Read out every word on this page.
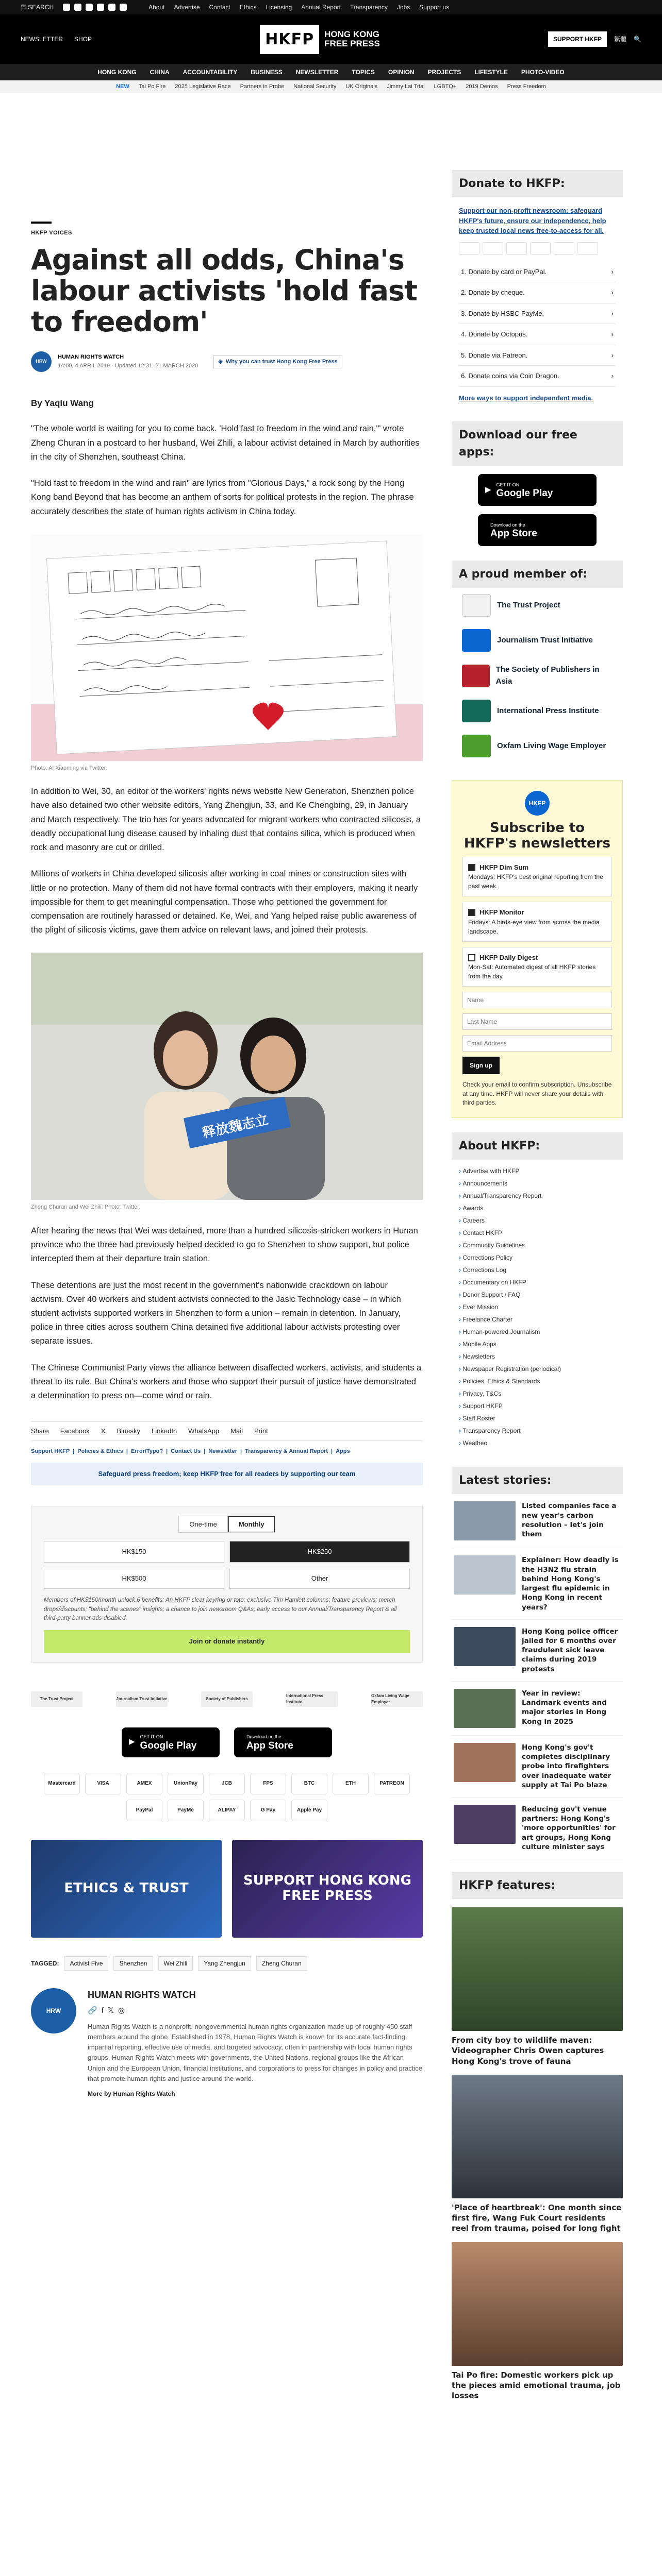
☰ SEARCH	About Advertise Contact Ethics Licensing Annual Report Transparency Jobs Support us
NEWSLETTER SHOP	HKFP	HONG KONG
FREE PRESS	SUPPORT HKFP	繁體 🔍
HONG KONG CHINA ACCOUNTABILITY BUSINESS NEWSLETTER TOPICS OPINION PROJECTS LIFESTYLE PHOTO-VIDEO
NEW Tai Po Fire 2025 Legislative Race Partners in Probe National Security UK Originals Jimmy Lai Trial LGBTQ+ 2019 Demos Press Freedom
HKFP VOICES
Against all odds, China's labour activists 'hold fast to freedom'
HRW
HUMAN RIGHTS WATCH
14:00, 4 APRIL 2019 · Updated 12:31, 21 MARCH 2020
◈ Why you can trust Hong Kong Free Press
By Yaqiu Wang

"The whole world is waiting for you to come back. 'Hold fast to freedom in the wind and rain,'" wrote Zheng Churan in a postcard to her husband, Wei Zhili, a labour activist detained in March by authorities in the city of Shenzhen, southeast China.

"Hold fast to freedom in the wind and rain" are lyrics from "Glorious Days," a rock song by the Hong Kong band Beyond that has become an anthem of sorts for political protests in the region. The phrase accurately describes the state of human rights activism in China today.

Photo: Al Xiaoming via Twitter.

In addition to Wei, 30, an editor of the workers' rights news website New Generation, Shenzhen police have also detained two other website editors, Yang Zhengjun, 33, and Ke Chengbing, 29, in January and March respectively. The trio has for years advocated for migrant workers who contracted silicosis, a deadly occupational lung disease caused by inhaling dust that contains silica, which is produced when rock and masonry are cut or drilled.

Millions of workers in China developed silicosis after working in coal mines or construction sites with little or no protection. Many of them did not have formal contracts with their employers, making it nearly impossible for them to get meaningful compensation. Those who petitioned the government for compensation are routinely harassed or detained. Ke, Wei, and Yang helped raise public awareness of the plight of silicosis victims, gave them advice on relevant laws, and joined their protests.

释放魏志立
Zheng Churan and Wei Zhili. Photo: Twitter.

After hearing the news that Wei was detained, more than a hundred silicosis-stricken workers in Hunan province who the three had previously helped decided to go to Shenzhen to show support, but police intercepted them at their departure train station.

These detentions are just the most recent in the government's nationwide crackdown on labour activism. Over 40 workers and student activists connected to the Jasic Technology case – in which student activists supported workers in Shenzhen to form a union – remain in detention. In January, police in three cities across southern China detained five additional labour activists protesting over separate issues.

The Chinese Communist Party views the alliance between disaffected workers, activists, and students a threat to its rule. But China's workers and those who support their pursuit of justice have demonstrated a determination to press on—come wind or rain.

Share Facebook X Bluesky LinkedIn WhatsApp Mail Print
Support HKFP | Policies & Ethics | Error/Typo? | Contact Us | Newsletter | Transparency & Annual Report | Apps
Safeguard press freedom; keep HKFP free for all readers by supporting our team
One-time	Monthly
HK$150	HK$250
HK$500	Other
Members of HK$150/month unlock 6 benefits: An HKFP clear keyring or tote; exclusive Tim Hamlett columns; feature previews; merch drops/discounts; "behind the scenes" insights; a chance to join newsroom Q&As; early access to our Annual/Transparency Report & all third-party banner ads disabled.
Join or donate instantly
The Trust Project	Journalism Trust Initiative	Society of Publishers
International Press Institute
Oxfam Living Wage Employer
▶
GET IT ON
Google Play
Download on the
App Store
Mastercard	VISA	AMEX	UnionPay	JCB	FPS	BTC	ETH	PATREON
PayPal	PayMe	ALIPAY	G Pay	Apple Pay
ETHICS & TRUST	SUPPORT HONG KONG FREE PRESS
TAGGED:	Activist Five	Shenzhen	Wei Zhili	Yang Zhengjun	Zheng Churan
HRW
HUMAN RIGHTS WATCH
🔗 f 𝕏 ◎

Human Rights Watch is a nonprofit, nongovernmental human rights organization made up of roughly 450 staff members around the globe. Established in 1978, Human Rights Watch is known for its accurate fact-finding, impartial reporting, effective use of media, and targeted advocacy, often in partnership with local human rights groups. Human Rights Watch meets with governments, the United Nations, regional groups like the African Union and the European Union, financial institutions, and corporations to press for changes in policy and practice that promote human rights and justice around the world.

More by Human Rights Watch
Donate to HKFP:

Support our non-profit newsroom: safeguard HKFP's future, ensure our independence, help keep trusted local news free-to-access for all.

1. Donate by card or PayPal.	›
2. Donate by cheque.	›
3. Donate by HSBC PayMe.	›
4. Donate by Octopus.	›
5. Donate via Patreon.	›
6. Donate coins via Coin Dragon.	›

More ways to support independent media.

Download our free apps:
▶
GET IT ON
Google Play
Download on the
App Store
A proud member of:
The Trust Project
Journalism Trust Initiative
The Society of Publishers in Asia
International Press Institute
Oxfam Living Wage Employer
HKFP
Subscribe to HKFP's newsletters
HKFP Dim Sum
Mondays: HKFP's best original reporting from the past week.
HKFP Monitor
Fridays: A birds-eye view from across the media landscape.
HKFP Daily Digest
Mon-Sat: Automated digest of all HKFP stories from the day.
Name Last Name Email Address Sign up

Check your email to confirm subscription. Unsubscribe at any time. HKFP will never share your details with third parties.

About HKFP:
› Advertise with HKFP
› Announcements
› Annual/Transparency Report
› Awards
› Careers
› Contact HKFP
› Community Guidelines
› Corrections Policy
› Corrections Log
› Documentary on HKFP
› Donor Support / FAQ
› Ever Mission
› Freelance Charter
› Human-powered Journalism
› Mobile Apps
› Newsletters
› Newspaper Registration (periodical)
› Policies, Ethics & Standards
› Privacy, T&Cs
› Support HKFP
› Staff Roster
› Transparency Report
› Weatheo
Latest stories:
Listed companies face a new year's carbon resolution – let's join them
Explainer: How deadly is the H3N2 flu strain behind Hong Kong's largest flu epidemic in Hong Kong in recent years?
Hong Kong police officer jailed for 6 months over fraudulent sick leave claims during 2019 protests
Year in review: Landmark events and major stories in Hong Kong in 2025
Hong Kong's gov't completes disciplinary probe into firefighters over inadequate water supply at Tai Po blaze
Reducing gov't venue partners: Hong Kong's 'more opportunities' for art groups, Hong Kong culture minister says
HKFP features:
From city boy to wildlife maven: Videographer Chris Owen captures Hong Kong's trove of fauna
'Place of heartbreak': One month since first fire, Wang Fuk Court residents reel from trauma, poised for long fight
Tai Po fire: Domestic workers pick up the pieces amid emotional trauma, job losses
